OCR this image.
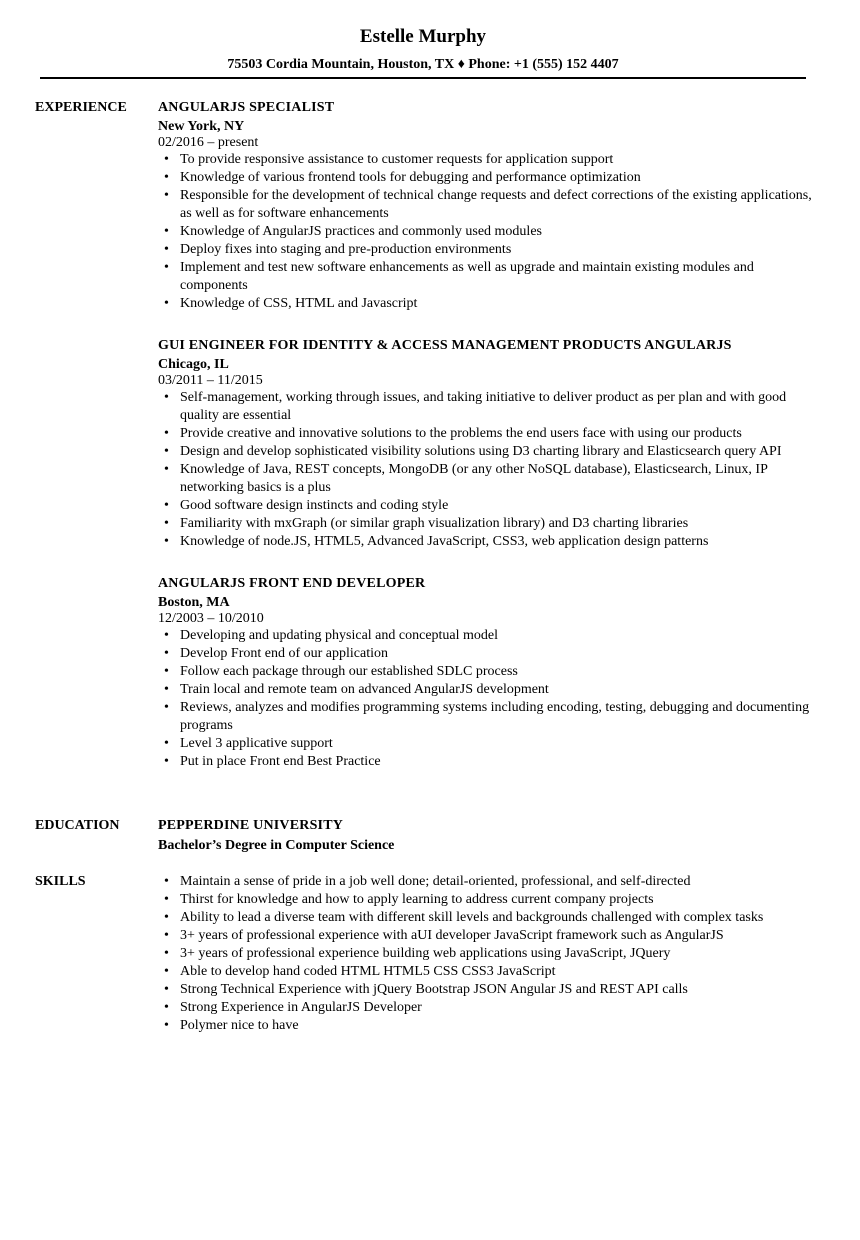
Estelle Murphy
75503 Cordia Mountain, Houston, TX ♦ Phone: +1 (555) 152 4407
EXPERIENCE ANGULARJS SPECIALIST
New York, NY
02/2016 – present
• To provide responsive assistance to customer requests for application support
• Knowledge of various frontend tools for debugging and performance optimization
• Responsible for the development of technical change requests and defect corrections of the existing applications, as well as for software enhancements
• Knowledge of AngularJS practices and commonly used modules
• Deploy fixes into staging and pre-production environments
• Implement and test new software enhancements as well as upgrade and maintain existing modules and components
• Knowledge of CSS, HTML and Javascript
GUI ENGINEER FOR IDENTITY & ACCESS MANAGEMENT PRODUCTS ANGULARJS
Chicago, IL
03/2011 – 11/2015
• Self-management, working through issues, and taking initiative to deliver product as per plan and with good quality are essential
• Provide creative and innovative solutions to the problems the end users face with using our products
• Design and develop sophisticated visibility solutions using D3 charting library and Elasticsearch query API
• Knowledge of Java, REST concepts, MongoDB (or any other NoSQL database), Elasticsearch, Linux, IP networking basics is a plus
• Good software design instincts and coding style
• Familiarity with mxGraph (or similar graph visualization library) and D3 charting libraries
• Knowledge of node.JS, HTML5, Advanced JavaScript, CSS3, web application design patterns
ANGULARJS FRONT END DEVELOPER
Boston, MA
12/2003 – 10/2010
• Developing and updating physical and conceptual model
• Develop Front end of our application
• Follow each package through our established SDLC process
• Train local and remote team on advanced AngularJS development
• Reviews, analyzes and modifies programming systems including encoding, testing, debugging and documenting programs
• Level 3 applicative support
• Put in place Front end Best Practice
EDUCATION	PEPPERDINE UNIVERSITY
Bachelor’s Degree in Computer Science
SKILLS
•	Maintain a sense of pride in a job well done; detail-oriented, professional, and self-directed
• Thirst for knowledge and how to apply learning to address current company projects
• Ability to lead a diverse team with different skill levels and backgrounds challenged with complex tasks
• 3+ years of professional experience with aUI developer JavaScript framework such as AngularJS
• 3+ years of professional experience building web applications using JavaScript, JQuery
• Able to develop hand coded HTML HTML5 CSS CSS3 JavaScript
• Strong Technical Experience with jQuery Bootstrap JSON Angular JS and REST API calls
• Strong Experience in AngularJS Developer
• Polymer nice to have
